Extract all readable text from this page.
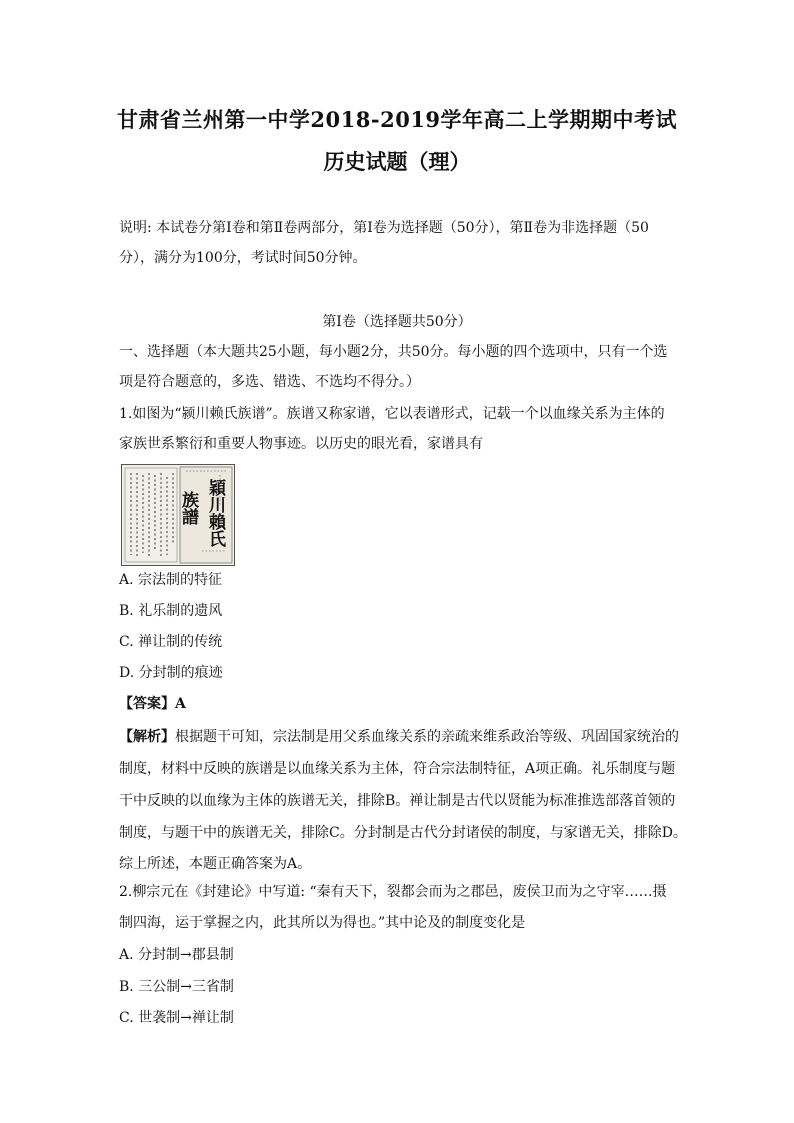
甘肃省兰州第一中学2018-2019学年高二上学期期中考试
历史试题（理）
说明: 本试卷分第Ⅰ卷和第Ⅱ卷两部分，第Ⅰ卷为选择题（50分），第Ⅱ卷为非选择题（50
分），满分为100分，考试时间50分钟。
第Ⅰ卷（选择题共50分）
一、选择题（本大题共25小题，每小题2分，共50分。每小题的四个选项中，只有一个选
项是符合题意的，多选、错选、不选均不得分。）
1.如图为“颍川赖氏族谱”。族谱又称家谱，它以表谱形式，记载一个以血缘关系为主体的
家族世系繁衍和重要人物事迹。以历史的眼光看，家谱具有
族譜 穎川賴氏
A. 宗法制的特征
B. 礼乐制的遗风
C. 禅让制的传统
D. 分封制的痕迹
【答案】A
【解析】根据题干可知，宗法制是用父系血缘关系的亲疏来维系政治等级、巩固国家统治的
制度，材料中反映的族谱是以血缘关系为主体，符合宗法制特征，A项正确。礼乐制度与题
干中反映的以血缘为主体的族谱无关，排除B。禅让制是古代以贤能为标准推选部落首领的
制度，与题干中的族谱无关，排除C。分封制是古代分封诸侯的制度，与家谱无关，排除D。
综上所述，本题正确答案为A。
2.柳宗元在《封建论》中写道: “秦有天下，裂都会而为之郡邑，废侯卫而为之守宰……摄
制四海，运于掌握之内，此其所以为得也。”其中论及的制度变化是
A. 分封制→郡县制
B. 三公制→三省制
C. 世袭制→禅让制
